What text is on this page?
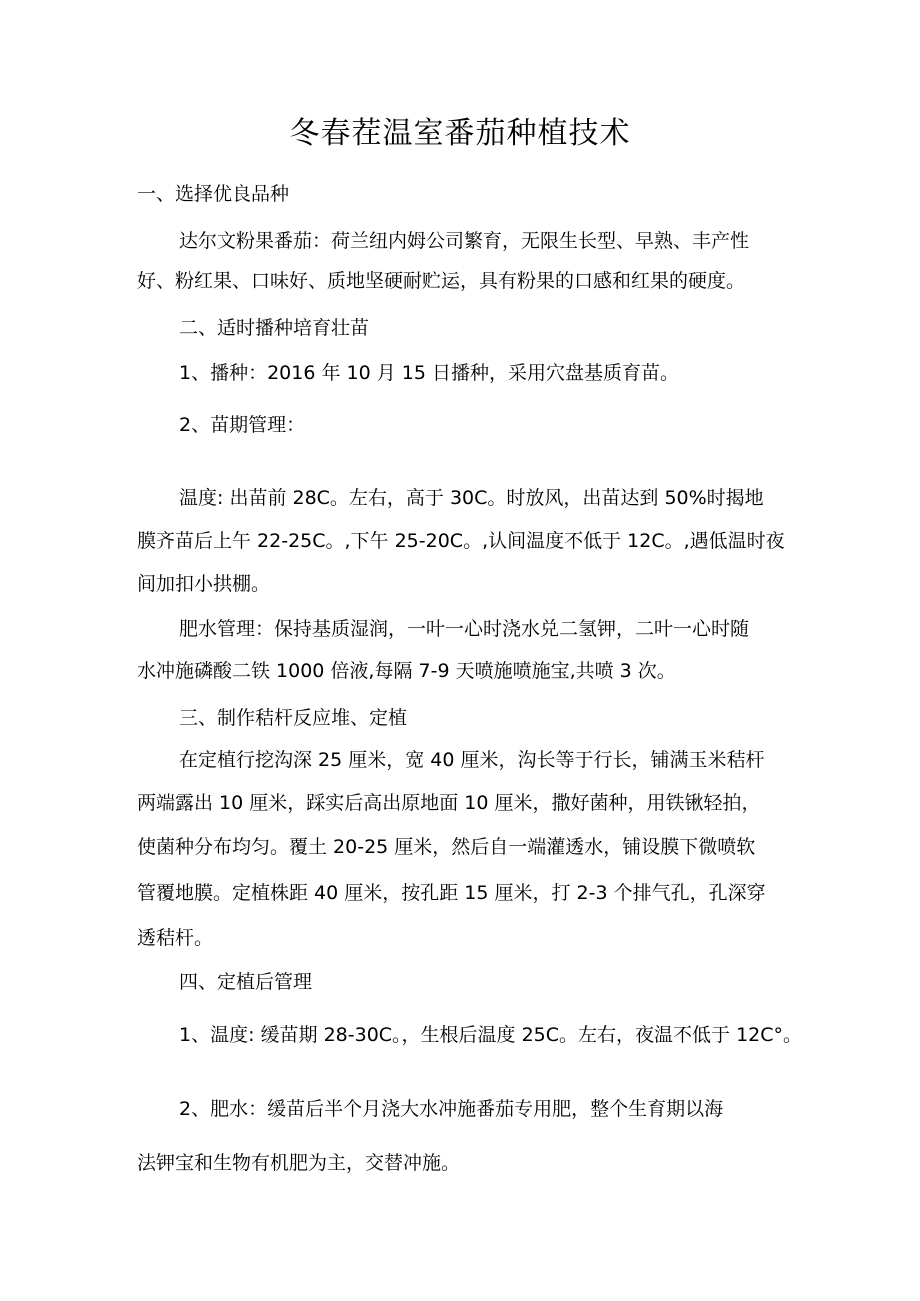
冬春茬温室番茄种植技术
一、选择优良品种
达尔文粉果番茄：荷兰纽内姆公司繁育，无限生长型、早熟、丰产性
好、粉红果、口味好、质地坚硬耐贮运，具有粉果的口感和红果的硬度。
二、适时播种培育壮苗
1、播种：2016 年 10 月 15 日播种，采用穴盘基质育苗。
2、苗期管理：
温度: 出苗前 28C。左右，高于 30C。时放风，出苗达到 50%时揭地
膜齐苗后上午 22-25C。,下午 25-20C。,认间温度不低于 12C。,遇低温时夜
间加扣小拱棚。
肥水管理：保持基质湿润，一叶一心时浇水兑二氢钾，二叶一心时随
水冲施磷酸二铁 1000 倍液,每隔 7-9 天喷施喷施宝,共喷 3 次。
三、制作秸杆反应堆、定植
在定植行挖沟深 25 厘米，宽 40 厘米，沟长等于行长，铺满玉米秸杆
两端露出 10 厘米，踩实后高出原地面 10 厘米，撒好菌种，用铁锹轻拍，
使菌种分布均匀。覆土 20-25 厘米，然后自一端灌透水，铺设膜下微喷软
管覆地膜。定植株距 40 厘米，按孔距 15 厘米，打 2-3 个排气孔，孔深穿
透秸杆。
四、定植后管理
1、温度: 缓苗期 28-30C。，生根后温度 25C。左右，夜温不低于 12C°。
2、肥水：缓苗后半个月浇大水冲施番茄专用肥，整个生育期以海
法钾宝和生物有机肥为主，交替冲施。
